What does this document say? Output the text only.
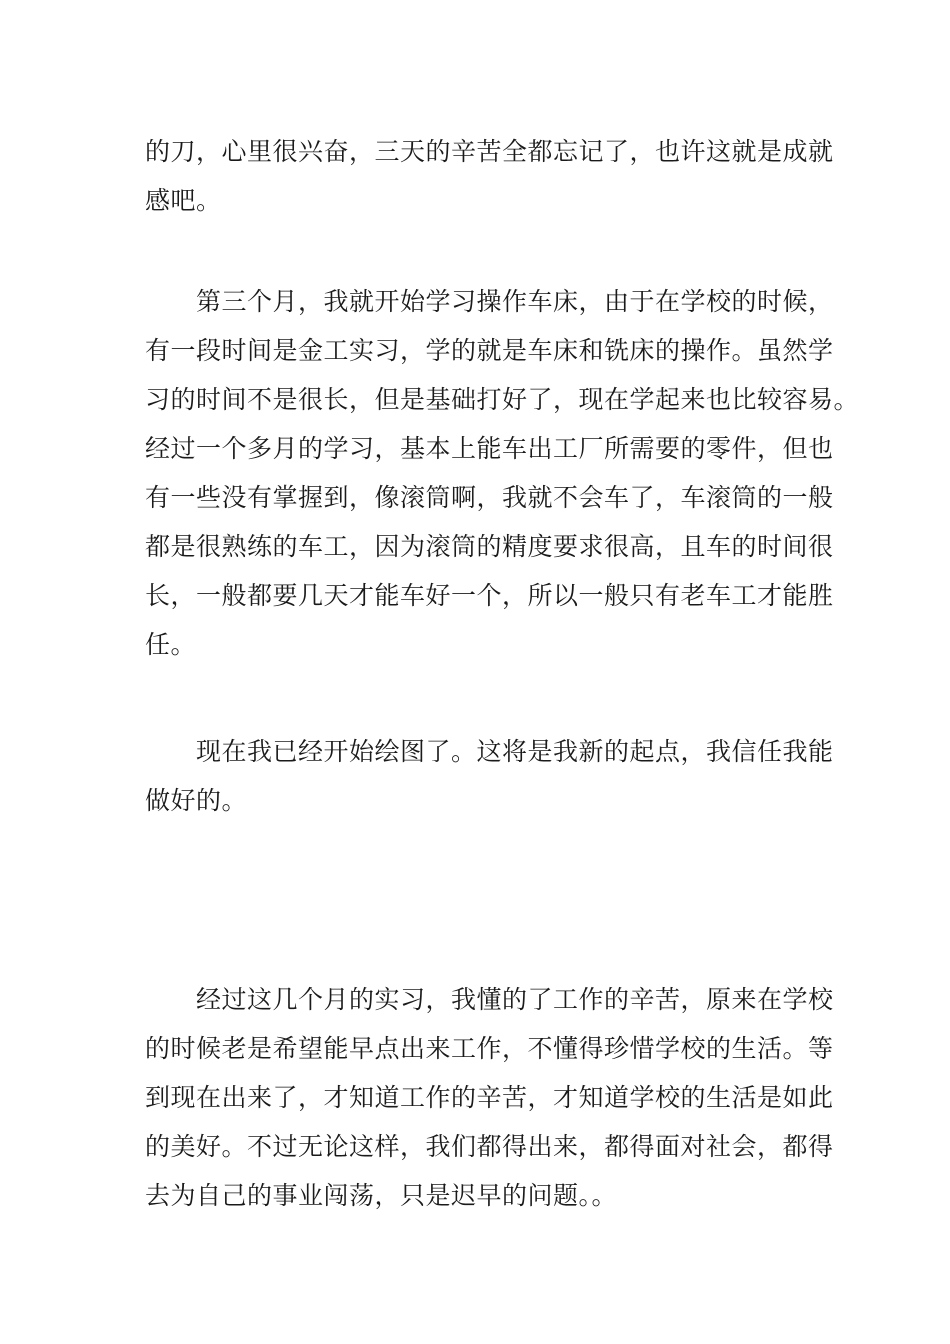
的刀，心里很兴奋，三天的辛苦全都忘记了，也许这就是成就
感吧。

　　第三个月，我就开始学习操作车床，由于在学校的时候，
有一段时间是金工实习，学的就是车床和铣床的操作。虽然学
习的时间不是很长，但是基础打好了，现在学起来也比较容易。
经过一个多月的学习，基本上能车出工厂所需要的零件，但也
有一些没有掌握到，像滚筒啊，我就不会车了，车滚筒的一般
都是很熟练的车工，因为滚筒的精度要求很高，且车的时间很
长，一般都要几天才能车好一个，所以一般只有老车工才能胜
任。

　　现在我已经开始绘图了。这将是我新的起点，我信任我能
做好的。

　　经过这几个月的实习，我懂的了工作的辛苦，原来在学校
的时候老是希望能早点出来工作，不懂得珍惜学校的生活。等
到现在出来了，才知道工作的辛苦，才知道学校的生活是如此
的美好。不过无论这样，我们都得出来，都得面对社会，都得
去为自己的事业闯荡，只是迟早的问题。。
